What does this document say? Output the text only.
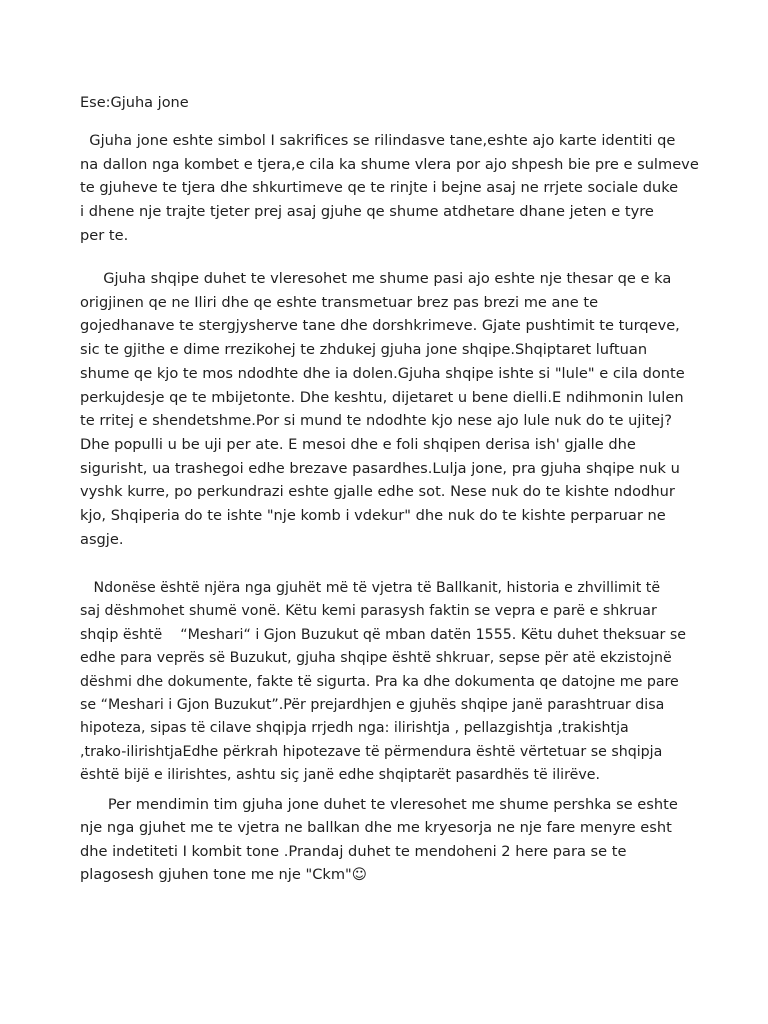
Ese:Gjuha jone
Gjuha jone eshte simbol I sakrifices se rilindasve tane,eshte ajo karte identiti qe
na dallon nga kombet e tjera,e cila ka shume vlera por ajo shpesh bie pre e sulmeve
te gjuheve te tjera dhe shkurtimeve qe te rinjte i bejne asaj ne rrjete sociale duke
i dhene nje trajte tjeter prej asaj gjuhe qe shume atdhetare dhane jeten e tyre
per te.
Gjuha shqipe duhet te vleresohet me shume pasi ajo eshte nje thesar qe e ka
origjinen qe ne Iliri dhe qe eshte transmetuar brez pas brezi me ane te
gojedhanave te stergjysherve tane dhe dorshkrimeve. Gjate pushtimit te turqeve,
sic te gjithe e dime rrezikohej te zhdukej gjuha jone shqipe.Shqiptaret luftuan
shume qe kjo te mos ndodhte dhe ia dolen.Gjuha shqipe ishte si "lule" e cila donte
perkujdesje qe te mbijetonte. Dhe keshtu, dijetaret u bene dielli.E ndihmonin lulen
te rritej e shendetshme.Por si mund te ndodhte kjo nese ajo lule nuk do te ujitej?
Dhe populli u be uji per ate. E mesoi dhe e foli shqipen derisa ish' gjalle dhe
sigurisht, ua trashegoi edhe brezave pasardhes.Lulja jone, pra gjuha shqipe nuk u
vyshk kurre, po perkundrazi eshte gjalle edhe sot. Nese nuk do te kishte ndodhur
kjo, Shqiperia do te ishte "nje komb i vdekur" dhe nuk do te kishte perparuar ne
asgje.
Ndonëse është njëra nga gjuhët më të vjetra të Ballkanit, historia e zhvillimit të
saj dëshmohet shumë vonë. Këtu kemi parasysh faktin se vepra e parë e shkruar
shqip është    “Meshari“ i Gjon Buzukut që mban datën 1555. Këtu duhet theksuar se
edhe para veprës së Buzukut, gjuha shqipe është shkruar, sepse për atë ekzistojnë
dëshmi dhe dokumente, fakte të sigurta. Pra ka dhe dokumenta qe datojne me pare
se “Meshari i Gjon Buzukut”.Për prejardhjen e gjuhës shqipe janë parashtruar disa
hipoteza, sipas të cilave shqipja rrjedh nga: ilirishtja , pellazgishtja ,trakishtja
,trako-ilirishtjaEdhe përkrah hipotezave të përmendura është vërtetuar se shqipja
është bijë e ilirishtes, ashtu siç janë edhe shqiptarët pasardhës të ilirëve.
Per mendimin tim gjuha jone duhet te vleresohet me shume pershka se eshte
nje nga gjuhet me te vjetra ne ballkan dhe me kryesorja ne nje fare menyre esht
dhe indetiteti I kombit tone .Prandaj duhet te mendoheni 2 here para se te
plagosesh gjuhen tone me nje "Ckm"☺
